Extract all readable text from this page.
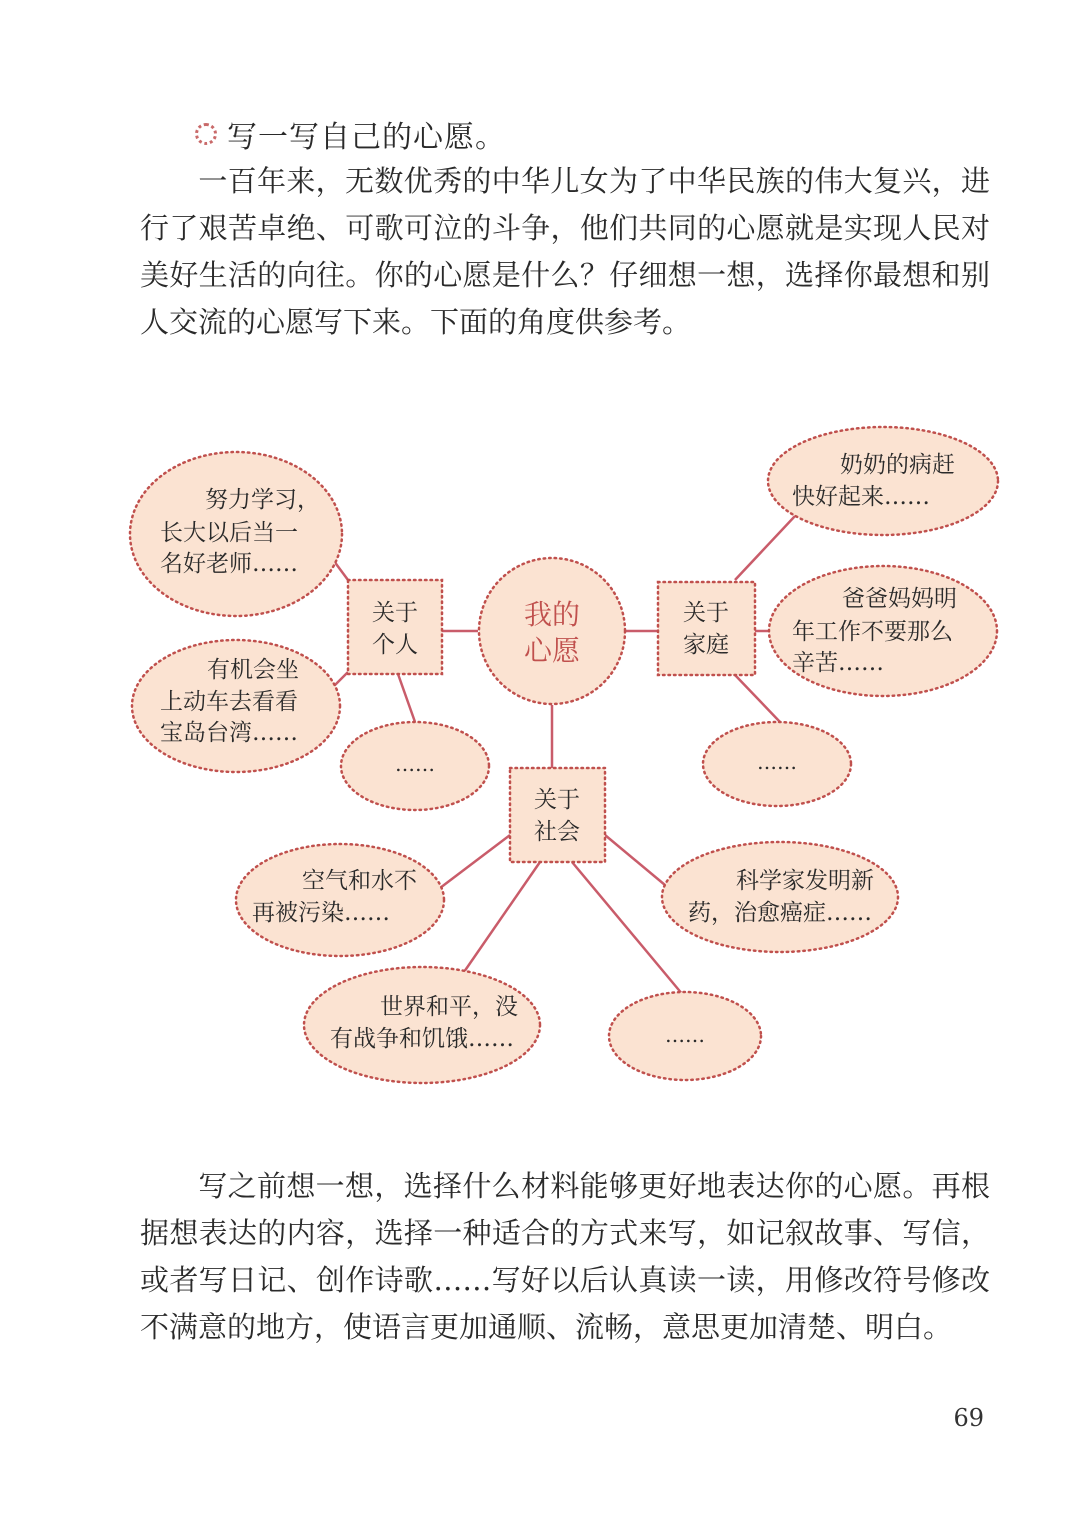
写一写自己的心愿。

一百年来，无数优秀的中华儿女为了中华民族的伟大复兴，进行了艰苦卓绝、可歌可泣的斗争，他们共同的心愿就是实现人民对美好生活的向往。你的心愿是什么？仔细想一想，选择你最想和别人交流的心愿写下来。下面的角度供参考。

我的
心愿
关于
个人
关于
家庭
关于
社会
努力学习，
长大以后当一
名好老师……
有机会坐
上动车去看看
宝岛台湾……
……
奶奶的病赶
快好起来……
爸爸妈妈明
年工作不要那么
辛苦……
……
空气和水不
再被污染……
科学家发明新
药，治愈癌症……
世界和平，没
有战争和饥饿……	……

写之前想一想，选择什么材料能够更好地表达你的心愿。再根据想表达的内容，选择一种适合的方式来写，如记叙故事、写信，或者写日记、创作诗歌……写好以后认真读一读，用修改符号修改不满意的地方，使语言更加通顺、流畅，意思更加清楚、明白。

69
